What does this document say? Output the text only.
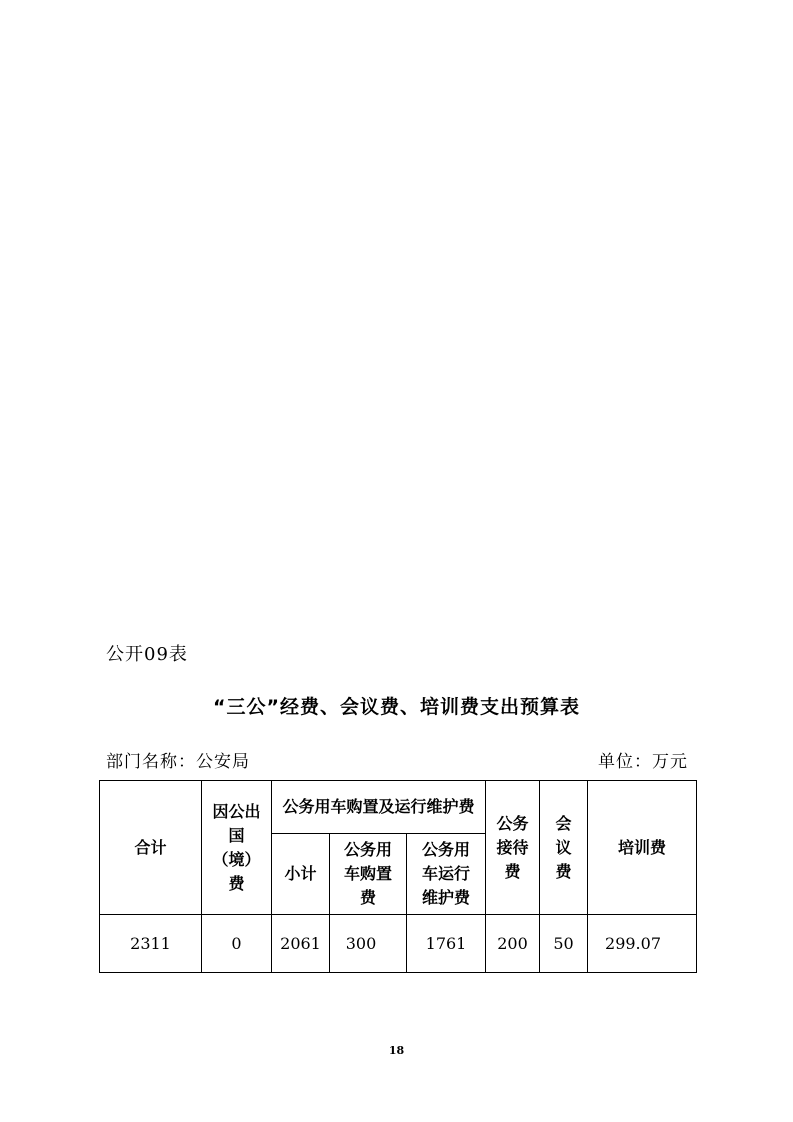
公开09表
“三公”经费、会议费、培训费支出预算表
部门名称：公安局	单位：万元
合计	因公出国（境）费	公务用车购置及运行维护费			公务接待费	会议费	培训费
		小计	公务用车购置费	公务用车运行维护费			
2311	0	2061	300	1761	200	50	299.07
18
